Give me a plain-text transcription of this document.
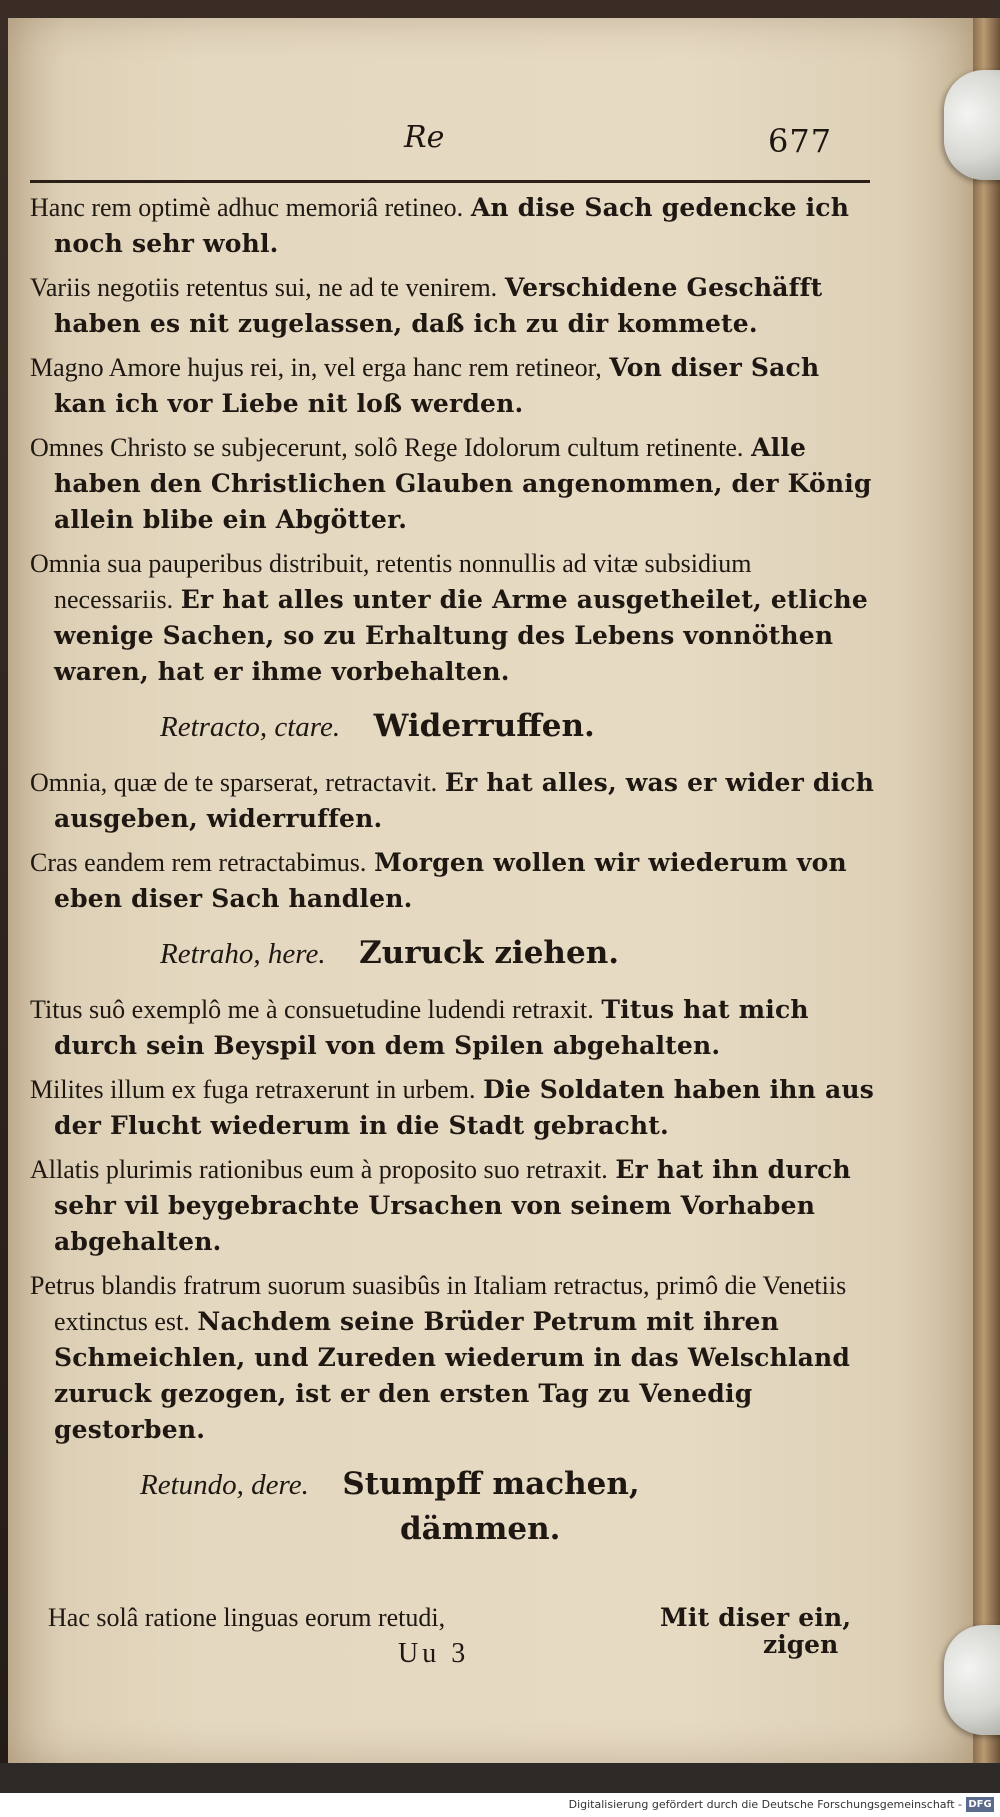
Re	677

Hanc rem optimè adhuc memoriâ retineo. An dise Sach gedencke ich noch sehr wohl.

Variis negotiis retentus sui, ne ad te venirem. Verschidene Geschäfft haben es nit zugelassen, daß ich zu dir kommete.

Magno Amore hujus rei, in, vel erga hanc rem retineor, Von diser Sach kan ich vor Liebe nit loß werden.

Omnes Christo se subjecerunt, solô Rege Idolorum cultum retinente. Alle haben den Christlichen Glauben angenommen, der König allein blibe ein Abgötter.

Omnia sua pauperibus distribuit, retentis nonnullis ad vitæ subsidium necessariis. Er hat alles unter die Arme ausgetheilet, etliche wenige Sachen, so zu Erhaltung des Lebens vonnöthen waren, hat er ihme vorbehalten.

Retracto, ctare. Widerruffen.

Omnia, quæ de te sparserat, retractavit. Er hat alles, was er wider dich ausgeben, widerruffen.

Cras eandem rem retractabimus. Morgen wollen wir wiederum von eben diser Sach handlen.

Retraho, here. Zuruck ziehen.

Titus suô exemplô me à consuetudine ludendi retraxit. Titus hat mich durch sein Beyspil von dem Spilen abgehalten.

Milites illum ex fuga retraxerunt in urbem. Die Soldaten haben ihn aus der Flucht wiederum in die Stadt gebracht.

Allatis plurimis rationibus eum à proposito suo retraxit. Er hat ihn durch sehr vil beygebrachte Ursachen von seinem Vorhaben abgehalten.

Petrus blandis fratrum suorum suasibûs in Italiam retractus, primô die Venetiis extinctus est. Nachdem seine Brüder Petrum mit ihren Schmeichlen, und Zureden wiederum in das Welschland zuruck gezogen, ist er den ersten Tag zu Venedig gestorben.

Retundo, dere. Stumpff machen,
dämmen.
Hac solâ ratione linguas eorum retudi,	Mit diser ein,
Uu 3	zigen
Digitalisierung gefördert durch die Deutsche Forschungsgemeinschaft - DFG
